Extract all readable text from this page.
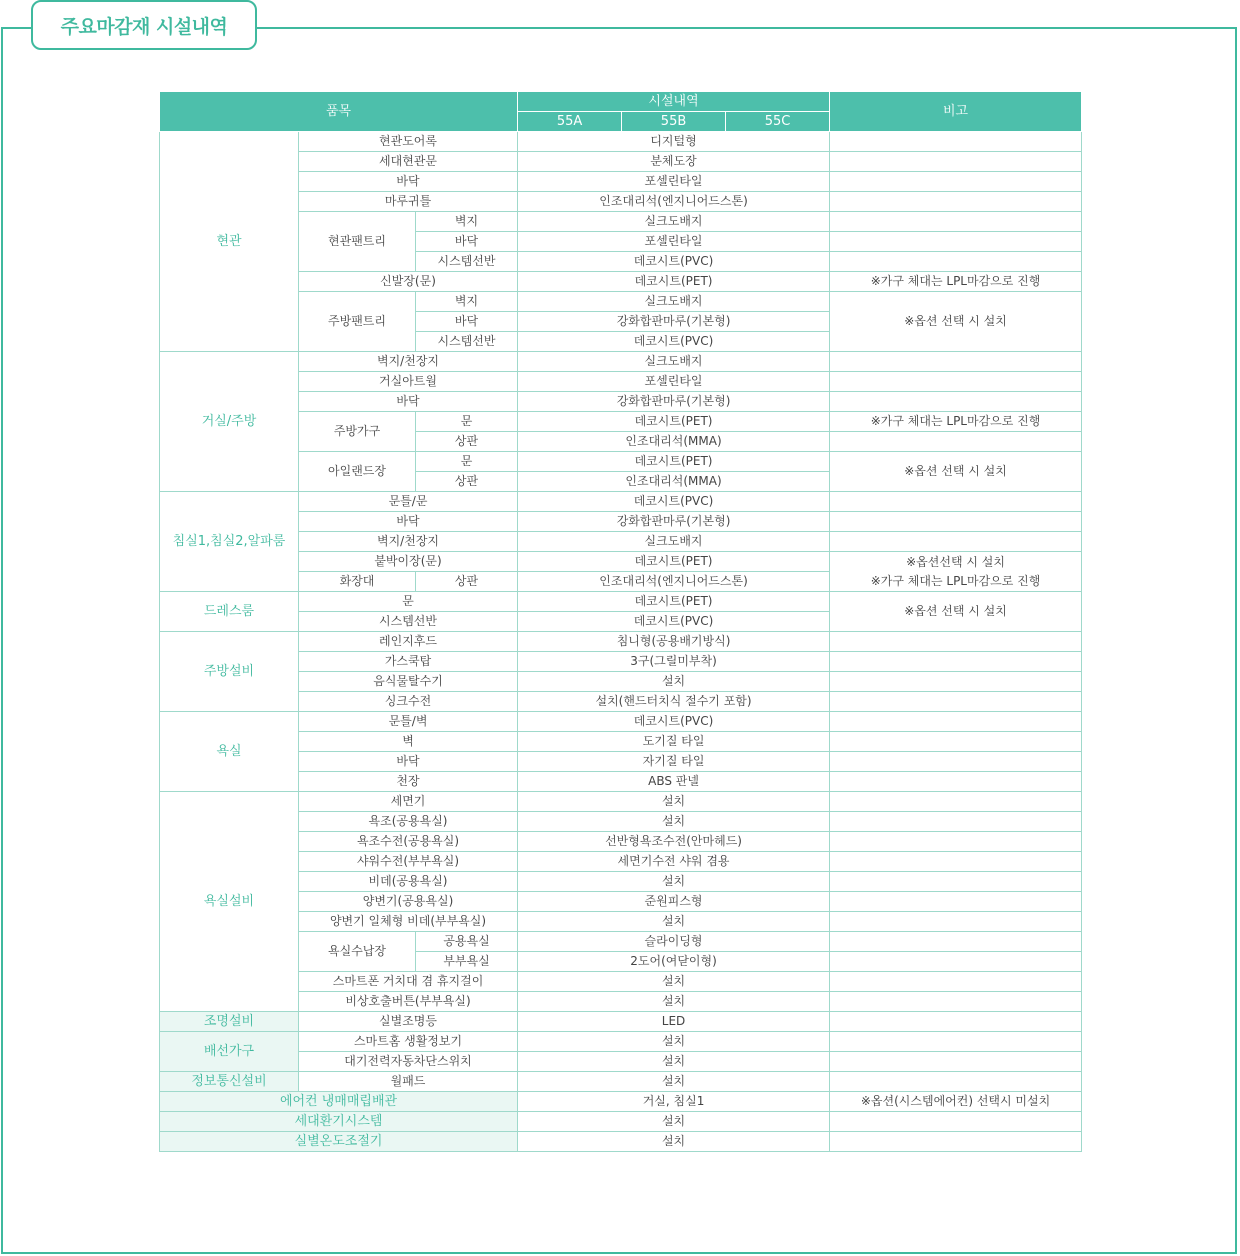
주요마감재 시설내역
품목			시설내역			비고
			55A	55B	55C	
현관	현관도어록		디지털형			
	세대현관문		분체도장			
	바닥		포셀린타일			
	마루귀틀		인조대리석(엔지니어드스톤)			
	현관팬트리	벽지	실크도배지			
		바닥	포셀린타일			
		시스템선반	데코시트(PVC)			
	신발장(문)		데코시트(PET)			※가구 체대는 LPL마감으로 진행
	주방팬트리	벽지	실크도배지			※옵션 선택 시 설치
		바닥	강화합판마루(기본형)			
		시스템선반	데코시트(PVC)			
거실/주방	벽지/천장지		실크도배지			
	거실아트월		포셀린타일			
	바닥		강화합판마루(기본형)			
	주방가구	문	데코시트(PET)			※가구 체대는 LPL마감으로 진행
		상판	인조대리석(MMA)			
	아일랜드장	문	데코시트(PET)			※옵션 선택 시 설치
		상판	인조대리석(MMA)			
침실1,침실2,알파룸	문틀/문		데코시트(PVC)			
	바닥		강화합판마루(기본형)			
	벽지/천장지		실크도배지			
	붙박이장(문)		데코시트(PET)			※옵션선택 시 설치
※가구 체대는 LPL마감으로 진행

	화장대	상판	인조대리석(엔지니어드스톤)			
드레스룸	문		데코시트(PET)			※옵션 선택 시 설치
	시스템선반		데코시트(PVC)			
주방설비	레인지후드		침니형(공용배기방식)			
	가스쿡탑		3구(그릴미부착)			
	음식물탈수기		설치			
	싱크수전		설치(핸드터치식 절수기 포함)			
욕실	문틀/벽		데코시트(PVC)			
	벽		도기질 타일			
	바닥		자기질 타일			
	천장		ABS 판넬			
욕실설비	세면기		설치			
	욕조(공용욕실)		설치			
	욕조수전(공용욕실)		선반형욕조수전(안마헤드)			
	샤워수전(부부욕실)		세면기수전 샤워 겸용			
	비데(공용욕실)		설치			
	양변기(공용욕실)		준원피스형			
	양변기 일체형 비데(부부욕실)		설치			
	욕실수납장	공용욕실	슬라이딩형			
		부부욕실	2도어(여닫이형)			
	스마트폰 거치대 겸 휴지걸이		설치			
	비상호출버튼(부부욕실)		설치			
조명설비	실별조명등		LED			
배선가구	스마트홈 생활정보기		설치			
	대기전력자동차단스위치		설치			
정보통신설비	월패드		설치			
에어컨 냉매매립배관			거실, 침실1			※옵션(시스템에어컨) 선택시 미설치
세대환기시스템			설치			
실별온도조절기			설치			
